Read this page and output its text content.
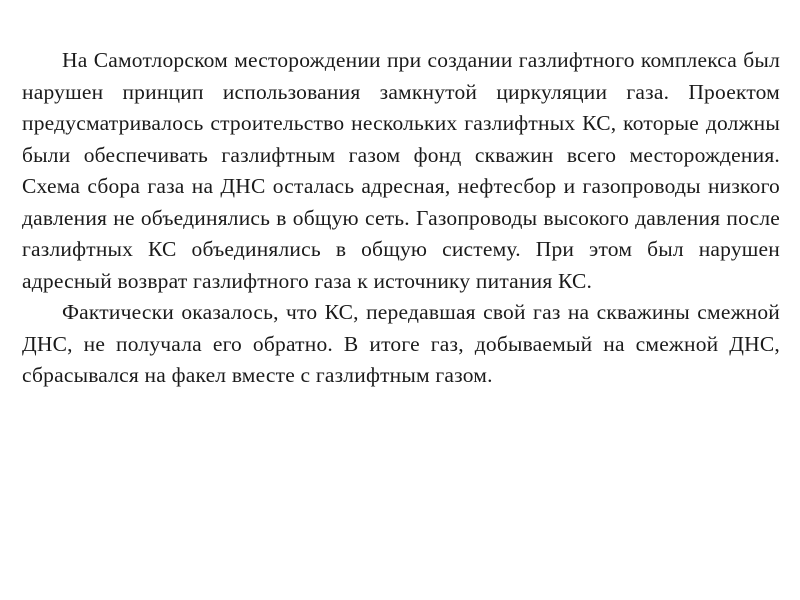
На Самотлорском месторождении при создании газлифтного комплекса был нарушен принцип использования замкнутой циркуляции газа. Проектом предусматривалось строительство нескольких газлифтных КС, которые должны были обеспечивать газлифтным газом фонд скважин всего месторождения. Схема сбора газа на ДНС осталась адресная, нефтесбор и газопроводы низкого давления не объединялись в общую сеть. Газопроводы высокого давления после газлифтных КС объединялись в общую систему. При этом был нарушен адресный возврат газлифтного газа к источнику питания КС.

Фактически оказалось, что КС, передавшая свой газ на скважины смежной ДНС, не получала его обратно. В итоге газ, добываемый на смежной ДНС, сбрасывался на факел вместе с газлифтным газом.
